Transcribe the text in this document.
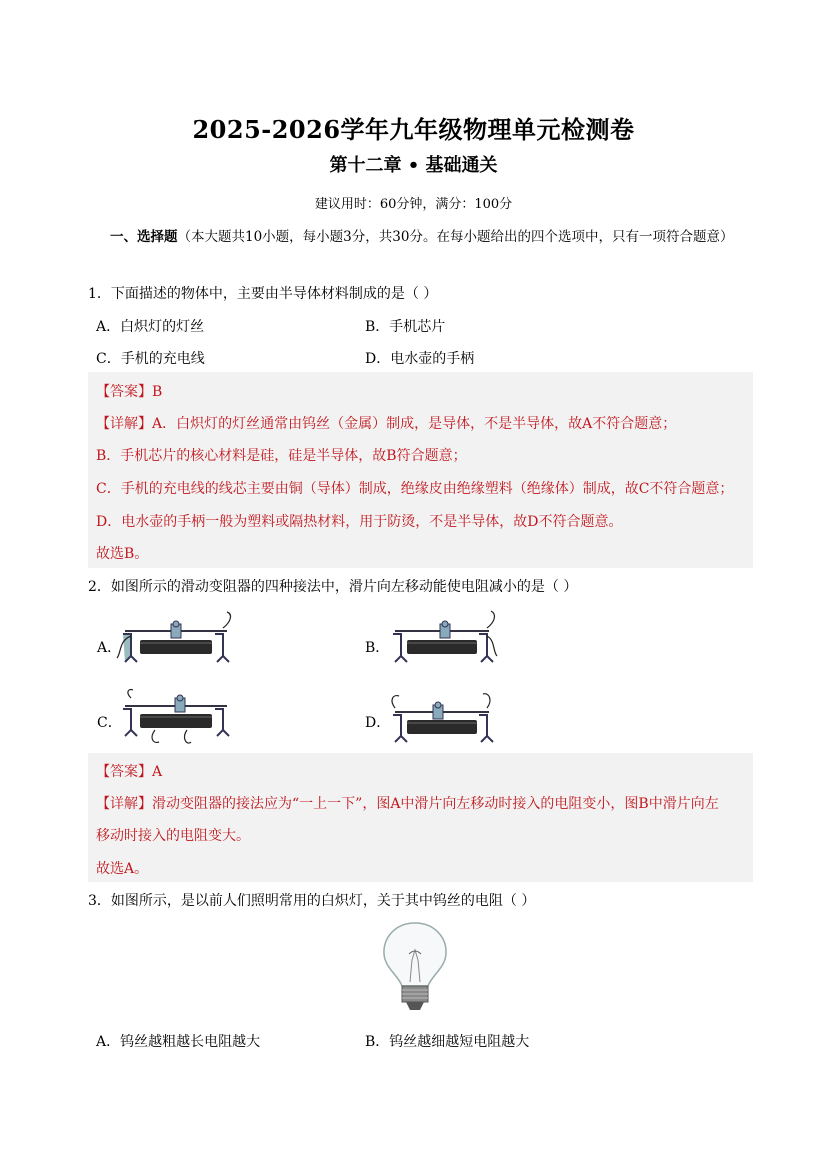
2025-2026学年九年级物理单元检测卷
第十二章 • 基础通关
建议用时：60分钟，满分：100分
一、选择题（本大题共10小题，每小题3分，共30分。在每小题给出的四个选项中，只有一项符合题意）
1．下面描述的物体中，主要由半导体材料制成的是（ ）
A．白炽灯的灯丝	B．手机芯片
C．手机的充电线	D．电水壶的手柄
【答案】B
【详解】A．白炽灯的灯丝通常由钨丝（金属）制成，是导体，不是半导体，故A不符合题意；
B．手机芯片的核心材料是硅，硅是半导体，故B符合题意；
C．手机的充电线的线芯主要由铜（导体）制成，绝缘皮由绝缘塑料（绝缘体）制成，故C不符合题意；
D．电水壶的手柄一般为塑料或隔热材料，用于防烫，不是半导体，故D不符合题意。
故选B。
2．如图所示的滑动变阻器的四种接法中，滑片向左移动能使电阻减小的是（ ）
A．	B．
C．	D．
【答案】A
【详解】滑动变阻器的接法应为“一上一下”，图A中滑片向左移动时接入的电阻变小，图B中滑片向左
移动时接入的电阻变大。
故选A。
3．如图所示，是以前人们照明常用的白炽灯，关于其中钨丝的电阻（ ）
A．钨丝越粗越长电阻越大	B．钨丝越细越短电阻越大
